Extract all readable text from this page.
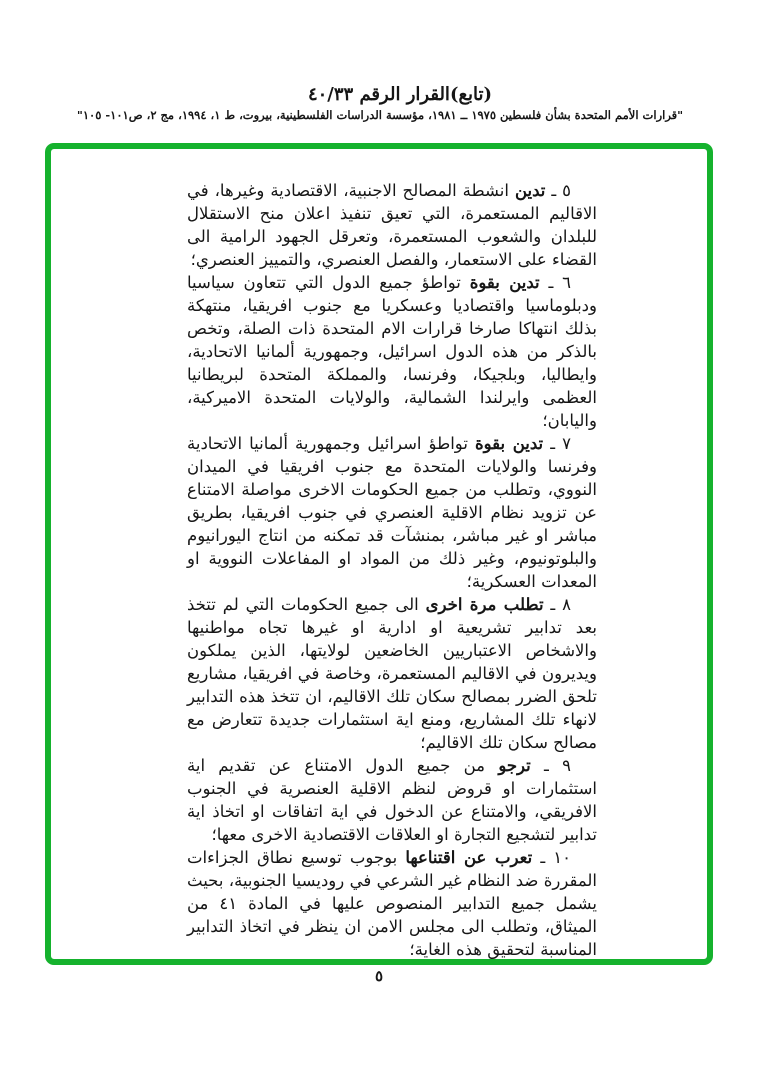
(تابع)القرار الرقم ٤٠/٣٣
"قرارات الأمم المتحدة بشأن فلسطين ١٩٧٥ ــ ١٩٨١، مؤسسة الدراسات الفلسطينية، بيروت، ط ١، ١٩٩٤، مج ٢، ص١٠١- ١٠٥"

٥ ـ تدين انشطة المصالح الاجنبية، الاقتصادية وغيرها، في الاقاليم المستعمرة، التي تعيق تنفيذ اعلان منح الاستقلال للبلدان والشعوب المستعمرة، وتعرقل الجهود الرامية الى القضاء على الاستعمار، والفصل العنصري، والتمييز العنصري؛

٦ ـ تدين بقوة تواطؤ جميع الدول التي تتعاون سياسيا ودبلوماسيا واقتصاديا وعسكريا مع جنوب افريقيا، منتهكة بذلك انتهاكا صارخا قرارات الام المتحدة ذات الصلة، وتخص بالذكر من هذه الدول اسرائيل، وجمهورية ألمانيا الاتحادية، وايطاليا، وبلجيكا، وفرنسا، والمملكة المتحدة لبريطانيا العظمى وايرلندا الشمالية، والولايات المتحدة الاميركية، واليابان؛

٧ ـ تدين بقوة تواطؤ اسرائيل وجمهورية ألمانيا الاتحادية وفرنسا والولايات المتحدة مع جنوب افريقيا في الميدان النووي، وتطلب من جميع الحكومات الاخرى مواصلة الامتناع عن تزويد نظام الاقلية العنصري في جنوب افريقيا، بطريق مباشر او غير مباشر، بمنشآت قد تمكنه من انتاج اليورانيوم والبلوتونيوم، وغير ذلك من المواد او المفاعلات النووية او المعدات العسكرية؛

٨ ـ تطلب مرة اخرى الى جميع الحكومات التي لم تتخذ بعد تدابير تشريعية او ادارية او غيرها تجاه مواطنيها والاشخاص الاعتباريين الخاضعين لولايتها، الذين يملكون ويديرون في الاقاليم المستعمرة، وخاصة في افريقيا، مشاريع تلحق الضرر بمصالح سكان تلك الاقاليم، ان تتخذ هذه التدابير لانهاء تلك المشاريع، ومنع اية استثمارات جديدة تتعارض مع مصالح سكان تلك الاقاليم؛

٩ ـ ترجو من جميع الدول الامتناع عن تقديم اية استثمارات او قروض لنظم الاقلية العنصرية في الجنوب الافريقي، والامتناع عن الدخول في اية اتفاقات او اتخاذ اية تدابير لتشجيع التجارة او العلاقات الاقتصادية الاخرى معها؛

١٠ ـ تعرب عن اقتناعها بوجوب توسيع نطاق الجزاءات المقررة ضد النظام غير الشرعي في روديسيا الجنوبية، بحيث يشمل جميع التدابير المنصوص عليها في المادة ٤١ من الميثاق، وتطلب الى مجلس الامن ان ينظر في اتخاذ التدابير المناسبة لتحقيق هذه الغاية؛

٥
